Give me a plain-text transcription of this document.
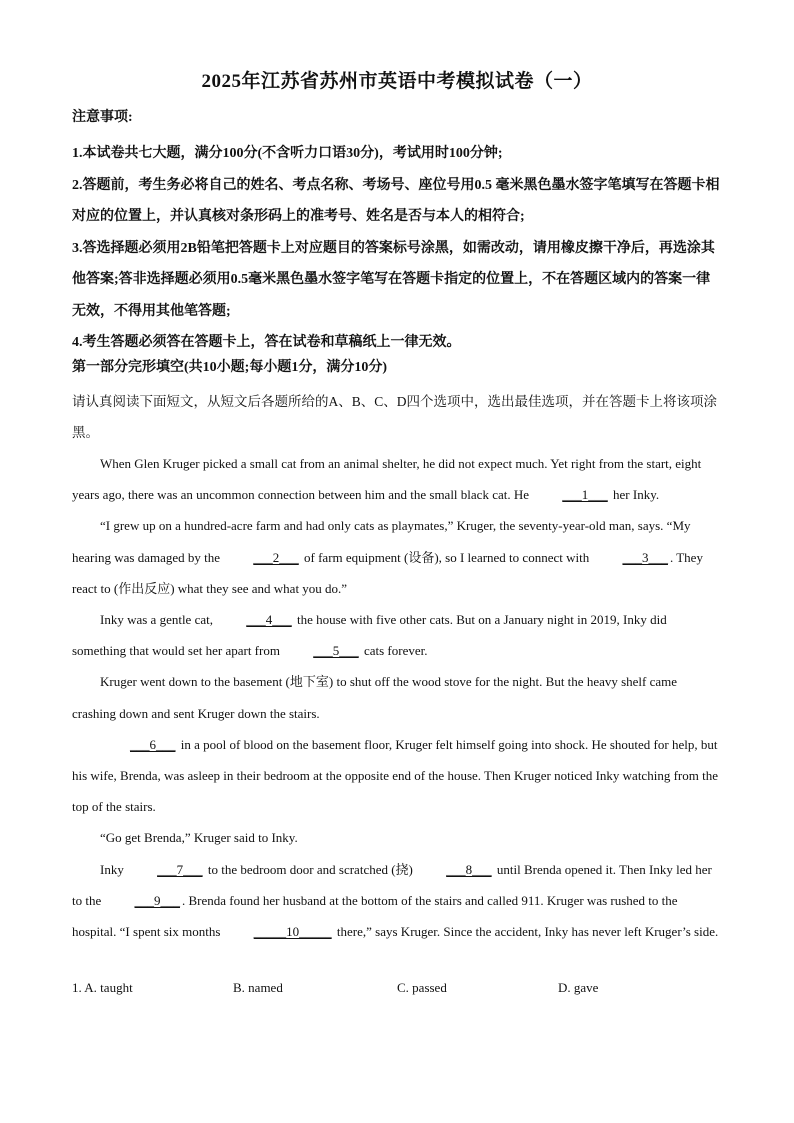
2025年江苏省苏州市英语中考模拟试卷（一）
注意事项:

1.本试卷共七大题，满分100分(不含听力口语30分)，考试用时100分钟;

2.答题前，考生务必将自己的姓名、考点名称、考场号、座位号用0.5 毫米黑色墨水签字笔填写在答题卡相对应的位置上，并认真核对条形码上的准考号、姓名是否与本人的相符合;

3.答选择题必须用2B铅笔把答题卡上对应题目的答案标号涂黑，如需改动，请用橡皮擦干净后，再选涂其他答案;答非选择题必须用0.5毫米黑色墨水签字笔写在答题卡指定的位置上，不在答题区域内的答案一律无效，不得用其他笔答题;

4.考生答题必须答在答题卡上，答在试卷和草稿纸上一律无效。

第一部分完形填空(共10小题;每小题1分，满分10分)
请认真阅读下面短文，从短文后各题所给的A、B、C、D四个选项中，选出最佳选项，并在答题卡上将该项涂黑。

When Glen Kruger picked a small cat from an animal shelter, he did not expect much. Yet right from the start, eight years ago, there was an uncommon connection between him and the small black cat. He ___1___ her Inky.

“I grew up on a hundred-acre farm and had only cats as playmates,” Kruger, the seventy-year-old man, says. “My hearing was damaged by the ___2___ of farm equipment (设备), so I learned to connect with ___3___ . They react to (作出反应) what they see and what you do.”

Inky was a gentle cat, ___4___ the house with five other cats. But on a January night in 2019, Inky did something that would set her apart from ___5___ cats forever.

Kruger went down to the basement (地下室) to shut off the wood stove for the night. But the heavy shelf came crashing down and sent Kruger down the stairs.

___6___ in a pool of blood on the basement floor, Kruger felt himself going into shock. He shouted for help, but his wife, Brenda, was asleep in their bedroom at the opposite end of the house. Then Kruger noticed Inky watching from the top of the stairs.

“Go get Brenda,” Kruger said to Inky.

Inky ___7___ to the bedroom door and scratched (挠) ___8___ until Brenda opened it. Then Inky led her to the ___9___ . Brenda found her husband at the bottom of the stairs and called 911. Kruger was rushed to the hospital. “I spent six months _____10_____ there,” says Kruger. Since the accident, Inky has never left Kruger’s side.

1. A. taught	B. named	C. passed	D. gave
